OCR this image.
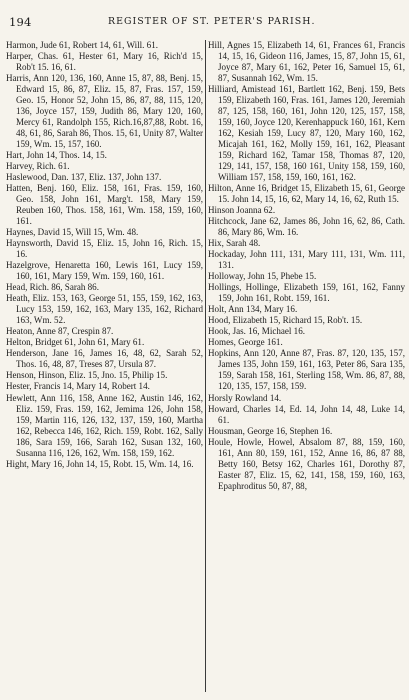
194	REGISTER OF ST. PETER'S PARISH.

Harmon, Jude 61, Robert 14, 61, Will. 61.

Harper, Chas. 61, Hester 61, Mary 16, Rich'd 15, Rob't 15. 16, 61.

Harris, Ann 120, 136, 160, Anne 15, 87, 88, Benj. 15, Edward 15, 86, 87, Eliz. 15, 87, Fras. 157, 159, Geo. 15, Honor 52, John 15, 86, 87, 88, 115, 120, 136, Joyce 157, 159, Judith 86, Mary 120, 160, Mercy 61, Randolph 155, Rich.16,87,88, Robt. 16, 48, 61, 86, Sarah 86, Thos. 15, 61, Unity 87, Walter 159, Wm. 15, 157, 160.

Hart, John 14, Thos. 14, 15.

Harvey, Rich. 61.

Haslewood, Dan. 137, Eliz. 137, John 137.

Hatten, Benj. 160, Eliz. 158, 161, Fras. 159, 160, Geo. 158, John 161, Marg't. 158, Mary 159, Reuben 160, Thos. 158, 161, Wm. 158, 159, 160, 161.

Haynes, David 15, Will 15, Wm. 48.

Haynsworth, David 15, Eliz. 15, John 16, Rich. 15, 16.

Hazelgrove, Henaretta 160, Lewis 161, Lucy 159, 160, 161, Mary 159, Wm. 159, 160, 161.

Head, Rich. 86, Sarah 86.

Heath, Eliz. 153, 163, George 51, 155, 159, 162, 163, Lucy 153, 159, 162, 163, Mary 135, 162, Richard 163, Wm. 52.

Heaton, Anne 87, Crespin 87.

Helton, Bridget 61, John 61, Mary 61.

Henderson, Jane 16, James 16, 48, 62, Sarah 52, Thos. 16, 48, 87, Treses 87, Ursula 87.

Henson, Hinson, Eliz. 15, Jno. 15, Philip 15.

Hester, Francis 14, Mary 14, Robert 14.

Hewlett, Ann 116, 158, Anne 162, Austin 146, 162, Eliz. 159, Fras. 159, 162, Jemima 126, John 158, 159, Martin 116, 126, 132, 137, 159, 160, Martha 162, Rebecca 146, 162, Rich. 159, Robt. 162, Sally 186, Sara 159, 166, Sarah 162, Susan 132, 160, Susanna 116, 126, 162, Wm. 158, 159, 162.

Hight, Mary 16, John 14, 15, Robt. 15, Wm. 14, 16.

Hill, Agnes 15, Elizabeth 14, 61, Frances 61, Francis 14, 15, 16, Gideon 116, James, 15, 87, John 15, 61, Joyce 87, Mary 61, 162, Peter 16, Samuel 15, 61, 87, Susannah 162, Wm. 15.

Hilliard, Amistead 161, Bartlett 162, Benj. 159, Bets 159, Elizabeth 160, Fras. 161, James 120, Jeremiah 87, 125, 158, 160, 161, John 120, 125, 157, 158, 159, 160, Joyce 120, Kerenhappuck 160, 161, Kern 162, Kesiah 159, Lucy 87, 120, Mary 160, 162, Micajah 161, 162, Molly 159, 161, 162, Pleasant 159, Richard 162, Tamar 158, Thomas 87, 120, 129, 141, 157, 158, 160 161, Unity 158, 159, 160, William 157, 158, 159, 160, 161, 162.

Hilton, Anne 16, Bridget 15, Elizabeth 15, 61, George 15. John 14, 15, 16, 62, Mary 14, 16, 62, Ruth 15.

Hinson Joanna 62.

Hitchcock, Jane 62, James 86, John 16, 62, 86, Cath. 86, Mary 86, Wm. 16.

Hix, Sarah 48.

Hockaday, John 111, 131, Mary 111, 131, Wm. 111, 131.

Holloway, John 15, Phebe 15.

Hollings, Hollinge, Elizabeth 159, 161, 162, Fanny 159, John 161, Robt. 159, 161.

Holt, Ann 134, Mary 16.

Hood, Elizabeth 15, Richard 15, Rob't. 15.

Hook, Jas. 16, Michael 16.

Homes, George 161.

Hopkins, Ann 120, Anne 87, Fras. 87, 120, 135, 157, James 135, John 159, 161, 163, Peter 86, Sara 135, 159, Sarah 158, 161, Sterling 158, Wm. 86, 87, 88, 120, 135, 157, 158, 159.

Horsly Rowland 14.

Howard, Charles 14, Ed. 14, John 14, 48, Luke 14, 61.

Housman, George 16, Stephen 16.

Houle, Howle, Howel, Absalom 87, 88, 159, 160, 161, Ann 80, 159, 161, 152, Anne 16, 86, 87 88, Betty 160, Betsy 162, Charles 161, Dorothy 87, Easter 87, Eliz. 15, 62, 141, 158, 159, 160, 163, Epaphroditus 50, 87, 88,
